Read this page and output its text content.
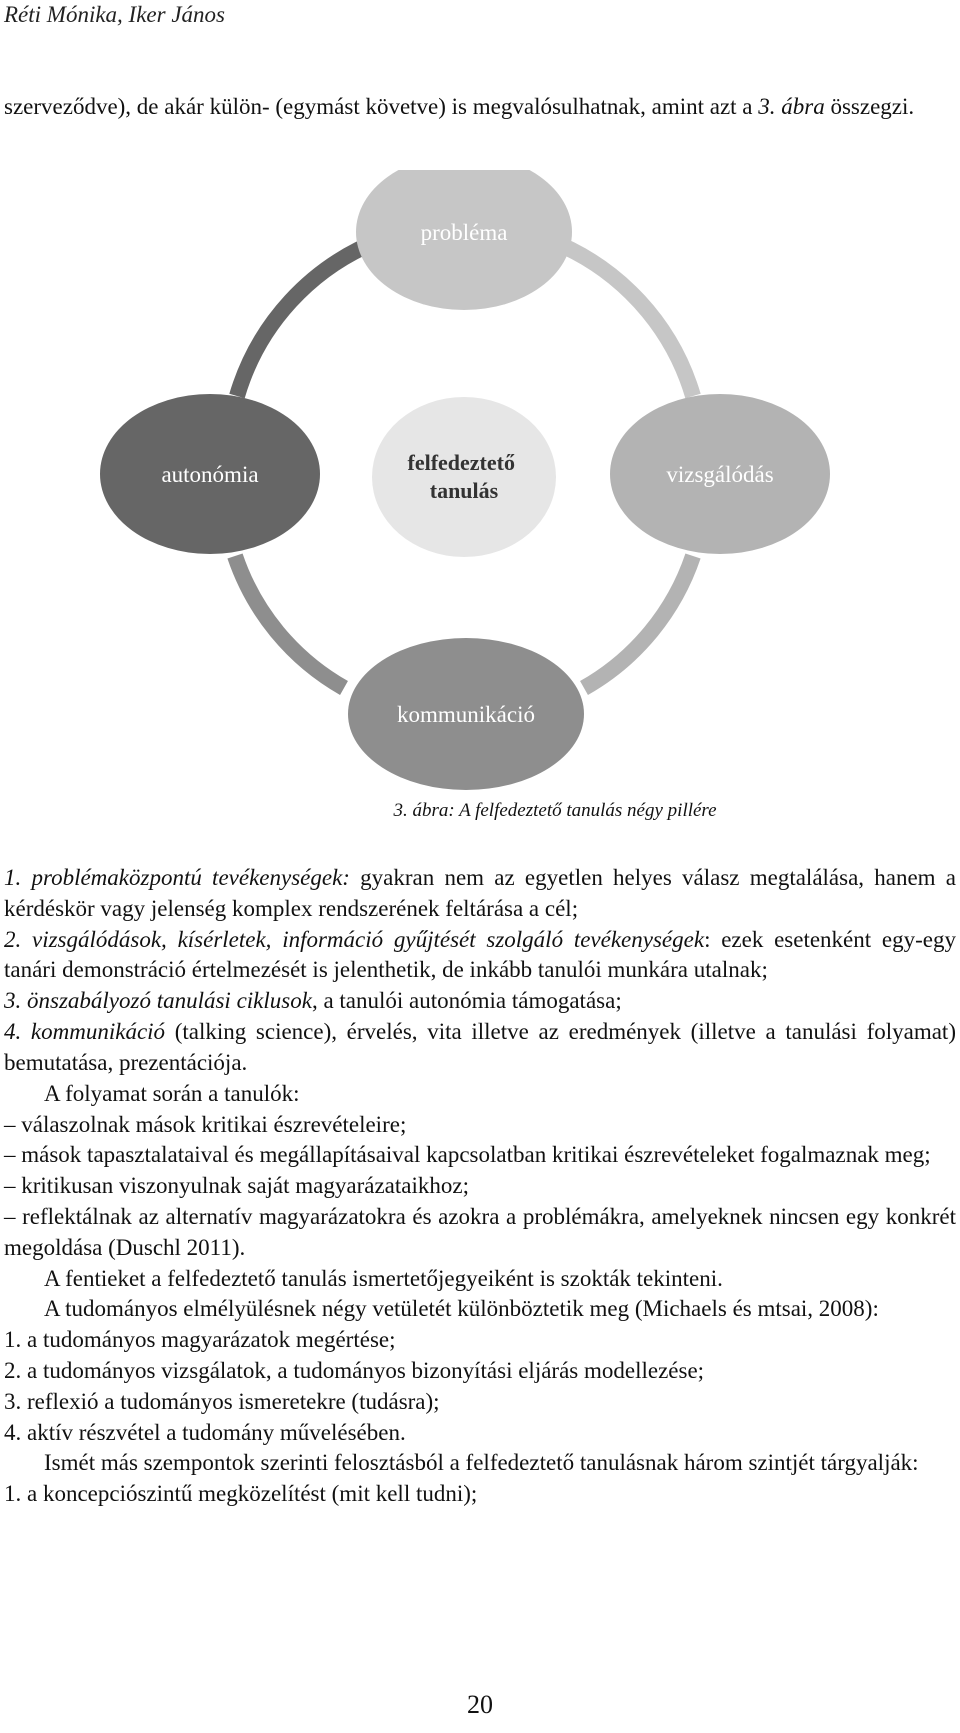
Réti Mónika, Iker János

szerveződve), de akár külön- (egymást követve) is megvalósulhatnak, amint azt a 3. ábra összegzi.

probléma
autonómia	vizsgálódás
kommunikáció
felfedeztető tanulás
3. ábra: A felfedeztető tanulás négy pillére

1. problémaközpontú tevékenységek: gyakran nem az egyetlen helyes válasz megtalálása, hanem a kérdéskör vagy jelenség komplex rendszerének feltárása a cél;

2. vizsgálódások, kísérletek, információ gyűjtését szolgáló tevékenységek: ezek esetenként egy-egy tanári demonstráció értelmezését is jelenthetik, de inkább tanulói munkára utalnak;

3. önszabályozó tanulási ciklusok, a tanulói autonómia támogatása;

4. kommunikáció (talking science), érvelés, vita illetve az eredmények (illetve a tanulási folyamat) bemutatása, prezentációja.

A folyamat során a tanulók:

– válaszolnak mások kritikai észrevételeire;

– mások tapasztalataival és megállapításaival kapcsolatban kritikai észrevételeket fogalmaznak meg;

– kritikusan viszonyulnak saját magyarázataikhoz;

– reflektálnak az alternatív magyarázatokra és azokra a problémákra, amelyeknek nincsen egy konkrét megoldása (Duschl 2011).

A fentieket a felfedeztető tanulás ismertetőjegyeiként is szokták tekinteni.

A tudományos elmélyülésnek négy vetületét különböztetik meg (Michaels és mtsai, 2008):

1. a tudományos magyarázatok megértése;

2. a tudományos vizsgálatok, a tudományos bizonyítási eljárás modellezése;

3. reflexió a tudományos ismeretekre (tudásra);

4. aktív részvétel a tudomány művelésében.

Ismét más szempontok szerinti felosztásból a felfedeztető tanulásnak három szintjét tárgyalják:

1. a koncepciószintű megközelítést (mit kell tudni);

20
